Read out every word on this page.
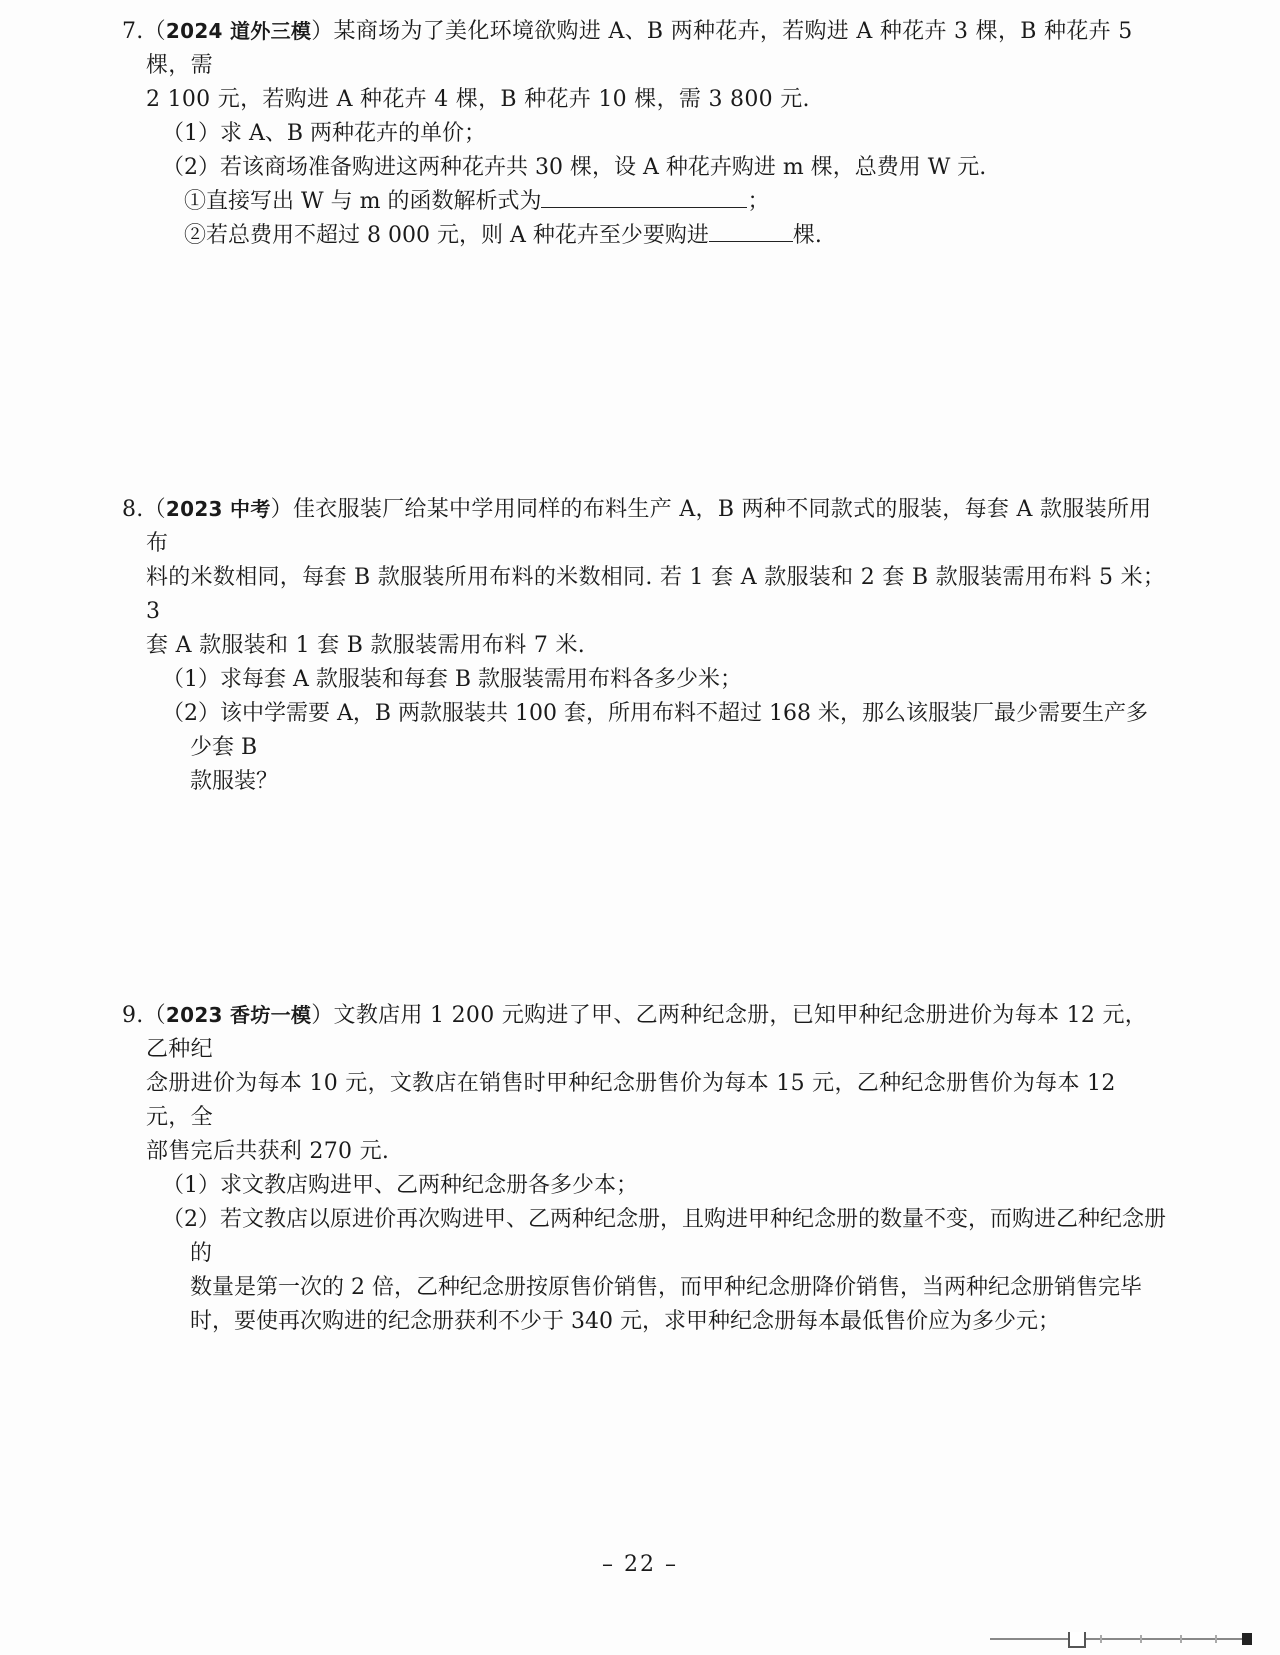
7.（2024 道外三模）某商场为了美化环境欲购进 A、B 两种花卉，若购进 A 种花卉 3 棵，B 种花卉 5 棵，需
2 100 元，若购进 A 种花卉 4 棵，B 种花卉 10 棵，需 3 800 元.

（1）求 A、B 两种花卉的单价；

（2）若该商场准备购进这两种花卉共 30 棵，设 A 种花卉购进 m 棵，总费用 W 元.

①直接写出 W 与 m 的函数解析式为	；

②若总费用不超过 8 000 元，则 A 种花卉至少要购进	棵.

8.（2023 中考）佳衣服装厂给某中学用同样的布料生产 A，B 两种不同款式的服装，每套 A 款服装所用布
料的米数相同，每套 B 款服装所用布料的米数相同. 若 1 套 A 款服装和 2 套 B 款服装需用布料 5 米；3
套 A 款服装和 1 套 B 款服装需用布料 7 米.

（1）求每套 A 款服装和每套 B 款服装需用布料各多少米；

（2）该中学需要 A，B 两款服装共 100 套，所用布料不超过 168 米，那么该服装厂最少需要生产多少套 B
款服装？

9.（2023 香坊一模）文教店用 1 200 元购进了甲、乙两种纪念册，已知甲种纪念册进价为每本 12 元，乙种纪
念册进价为每本 10 元，文教店在销售时甲种纪念册售价为每本 15 元，乙种纪念册售价为每本 12 元，全
部售完后共获利 270 元.

（1）求文教店购进甲、乙两种纪念册各多少本；

（2）若文教店以原进价再次购进甲、乙两种纪念册，且购进甲种纪念册的数量不变，而购进乙种纪念册的
数量是第一次的 2 倍，乙种纪念册按原售价销售，而甲种纪念册降价销售，当两种纪念册销售完毕
时，要使再次购进的纪念册获利不少于 340 元，求甲种纪念册每本最低售价应为多少元；

– 22 –
